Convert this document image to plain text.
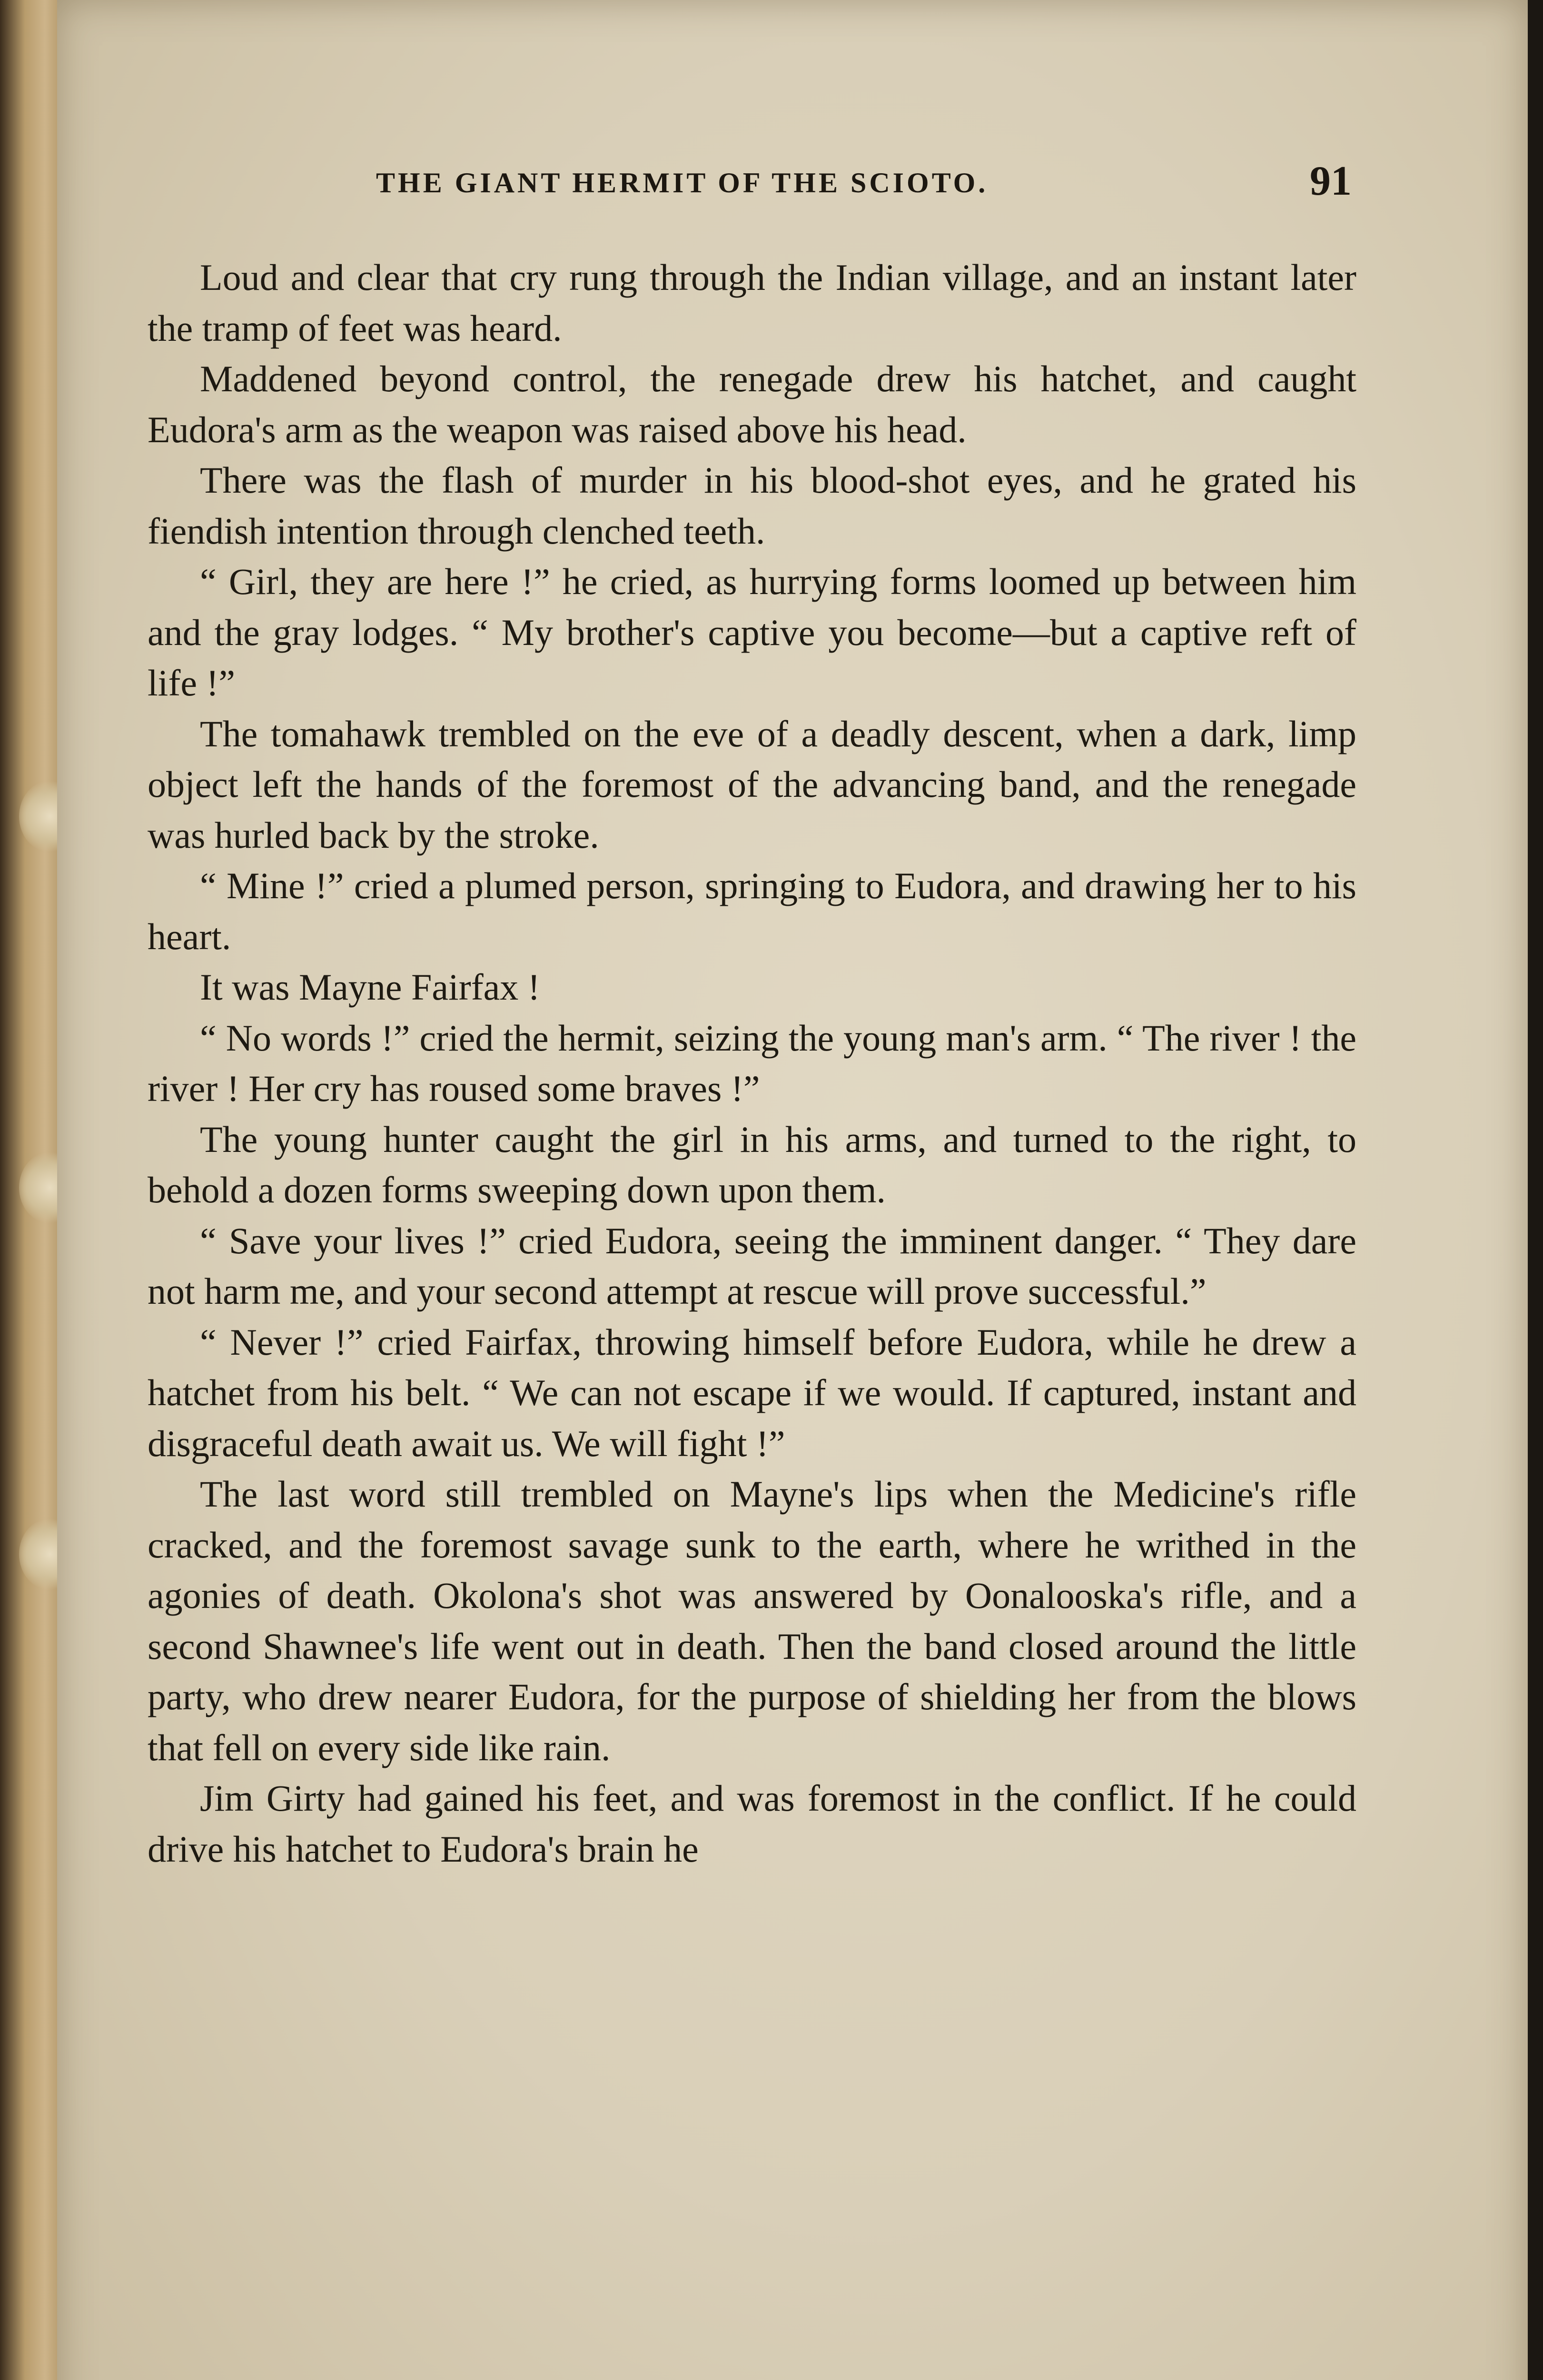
THE GIANT HERMIT OF THE SCIOTO.	91

Loud and clear that cry rung through the Indian village, and an instant later the tramp of feet was heard.

Maddened beyond control, the renegade drew his hatchet, and caught Eudora's arm as the weapon was raised above his head.

There was the flash of murder in his blood-shot eyes, and he grated his fiendish intention through clenched teeth.

“ Girl, they are here !” he cried, as hurrying forms loomed up between him and the gray lodges. “ My brother's captive you become—but a captive reft of life !”

The tomahawk trembled on the eve of a deadly descent, when a dark, limp object left the hands of the foremost of the advancing band, and the renegade was hurled back by the stroke.

“ Mine !” cried a plumed person, springing to Eudora, and drawing her to his heart.

It was Mayne Fairfax !

“ No words !” cried the hermit, seizing the young man's arm. “ The river ! the river ! Her cry has roused some braves !”

The young hunter caught the girl in his arms, and turned to the right, to behold a dozen forms sweeping down upon them.

“ Save your lives !” cried Eudora, seeing the imminent danger. “ They dare not harm me, and your second attempt at rescue will prove successful.”

“ Never !” cried Fairfax, throwing himself before Eudora, while he drew a hatchet from his belt. “ We can not escape if we would. If captured, instant and disgraceful death await us. We will fight !”

The last word still trembled on Mayne's lips when the Medicine's rifle cracked, and the foremost savage sunk to the earth, where he writhed in the agonies of death. Okolona's shot was answered by Oonalooska's rifle, and a second Shawnee's life went out in death. Then the band closed around the little party, who drew nearer Eudora, for the purpose of shielding her from the blows that fell on every side like rain.

Jim Girty had gained his feet, and was foremost in the conflict. If he could drive his hatchet to Eudora's brain he
